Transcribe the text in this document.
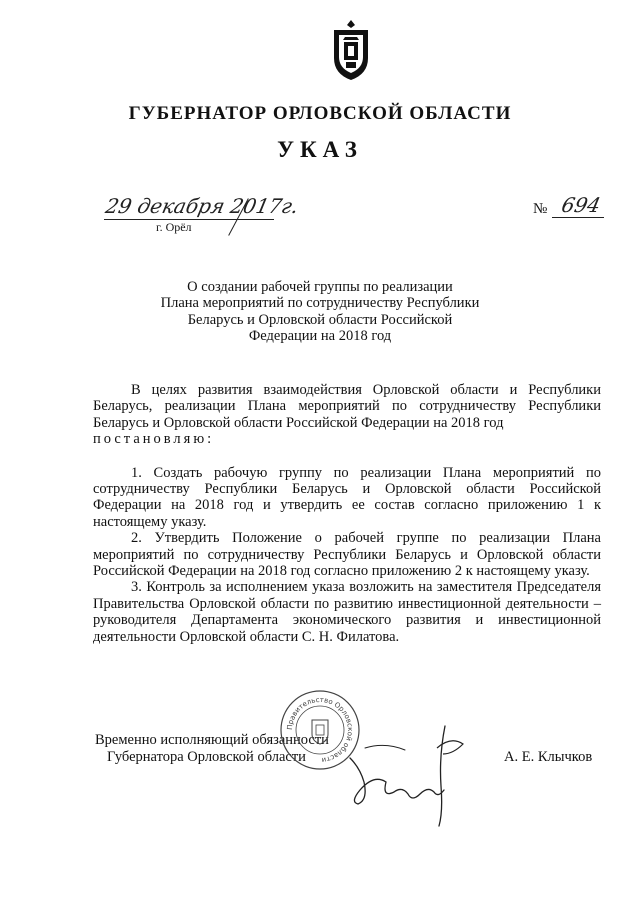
ГУБЕРНАТОР ОРЛОВСКОЙ ОБЛАСТИ
УКАЗ
29 декабря 2017г.
г. Орёл
№ 694
О создании рабочей группы по реализации
Плана мероприятий по сотрудничеству Республики
Беларусь и Орловской области Российской
Федерации на 2018 год

В целях развития взаимодействия Орловской области и Республики Беларусь, реализации Плана мероприятий по сотрудничеству Республики Беларусь и Орловской области Российской Федерации на 2018 год

постановляю:

1. Создать рабочую группу по реализации Плана мероприятий по сотрудничеству Республики Беларусь и Орловской области Российской Федерации на 2018 год и утвердить ее состав согласно приложению 1 к настоящему указу.

2. Утвердить Положение о рабочей группе по реализации Плана мероприятий по сотрудничеству Республики Беларусь и Орловской области Российской Федерации на 2018 год согласно приложению 2 к настоящему указу.

3. Контроль за исполнением указа возложить на заместителя Председателя Правительства Орловской области по развитию инвестиционной деятельности – руководителя Департамента экономического развития и инвестиционной деятельности Орловской области С. Н. Филатова.

Временно исполняющий обязанности
Губернатора Орловской области	А. Е. Клычков
Правительство Орловской области
